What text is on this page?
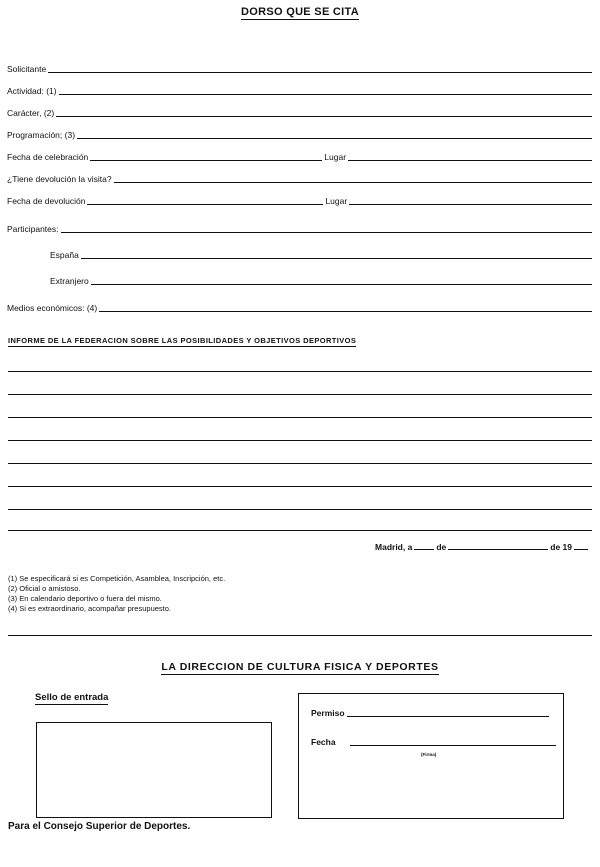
DORSO QUE SE CITA
Solicitante
Actividad: (1)
Carácter, (2)
Programación; (3)
Fecha de celebración	Lugar
¿Tiene devolución la visita?
Fecha de devolución	Lugar
Participantes:
España
Extranjero
Medios económicos: (4)
INFORME DE LA FEDERACION SOBRE LAS POSIBILIDADES Y OBJETIVOS DEPORTIVOS
Madrid, a	de	de 19
(1) Se especificará si es Competición, Asamblea, Inscripción, etc.
(2) Oficial o amistoso.
(3) En calendario deportivo o fuera del mismo.
(4) Si es extraordinario, acompañar presupuesto.
LA DIRECCION DE CULTURA FISICA Y DEPORTES
Sello de entrada
Permiso
Fecha
(Firma)
Para el Consejo Superior de Deportes.
